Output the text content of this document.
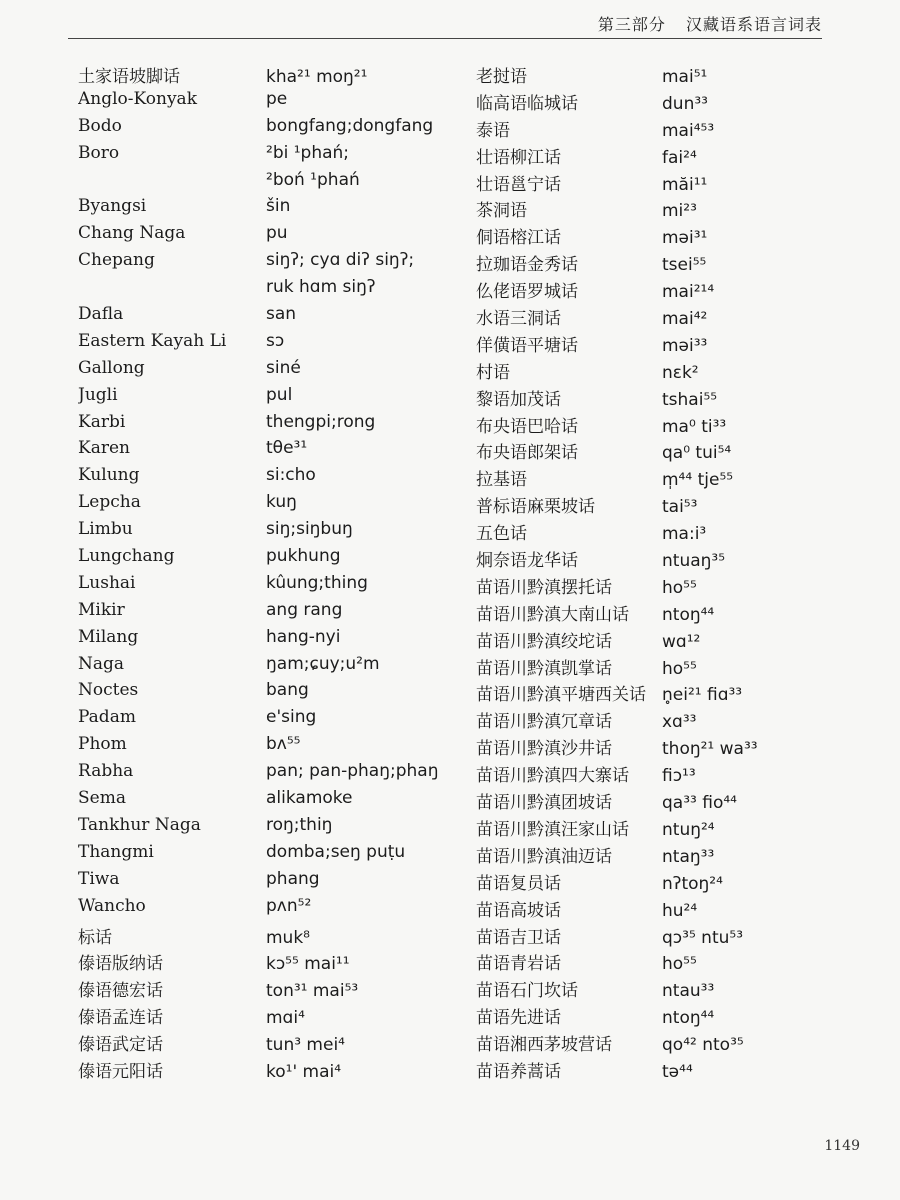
第三部分 汉藏语系语言词表
土家语坡脚话	kha²¹ moŋ²¹
Anglo-Konyak	pe
Bodo	bongfang;dongfang
Boro	²bi ¹phań;
²boń ¹phań
Byangsi	šin
Chang Naga	pu
Chepang	siŋʔ; cyɑ diʔ siŋʔ;
ruk hɑm siŋʔ
Dafla	san
Eastern Kayah Li	sɔ
Gallong	siné
Jugli	pul
Karbi	thengpi;rong
Karen	tθe³¹
Kulung	si:cho
Lepcha	kuŋ
Limbu	siŋ;siŋbuŋ
Lungchang	pukhung
Lushai	kûung;thing
Mikir	ang rang
Milang	hang-nyi
Naga	ŋam;ɕuy;u²m
Noctes	bang
Padam	e'sing
Phom	bʌ⁵⁵
Rabha	pan; pan-phaŋ;phaŋ
Sema	alikamoke
Tankhur Naga	roŋ;thiŋ
Thangmi	domba;seŋ puṭu
Tiwa	phang
Wancho	pʌn⁵²
标话	muk⁸
傣语版纳话	kɔ⁵⁵ mai¹¹
傣语德宏话	ton³¹ mai⁵³
傣语孟连话	mɑi⁴
傣语武定话	tun³ mei⁴
傣语元阳话	ko¹' mai⁴
老挝语	mai⁵¹
临高语临城话	dun³³
泰语	mai⁴⁵³
壮语柳江话	fai²⁴
壮语邕宁话	măi¹¹
茶洞语	mi²³
侗语榕江话	məi³¹
拉珈语金秀话	tsei⁵⁵
仫佬语罗城话	mai²¹⁴
水语三洞话	mai⁴²
佯僙语平塘话	məi³³
村语	nɛk²
黎语加茂话	tshai⁵⁵
布央语巴哈话	ma⁰ ti³³
布央语郎架话	qa⁰ tui⁵⁴
拉基语	m̩⁴⁴ tje⁵⁵
普标语麻栗坡话	tai⁵³
五色话	ma:i³
炯奈语龙华话	ntuaŋ³⁵
苗语川黔滇摆托话	ho⁵⁵
苗语川黔滇大南山话	ntoŋ⁴⁴
苗语川黔滇绞坨话	wɑ¹²
苗语川黔滇凯掌话	ho⁵⁵
苗语川黔滇平塘西关话 n̥ei²¹ fiɑ³³
苗语川黔滇冗章话	xɑ³³
苗语川黔滇沙井话	thoŋ²¹ wa³³
苗语川黔滇四大寨话	fiɔ¹³
苗语川黔滇团坡话	qa³³ fio⁴⁴
苗语川黔滇汪家山话	ntuŋ²⁴
苗语川黔滇油迈话	ntaŋ³³
苗语复员话	nʔtoŋ²⁴
苗语高坡话	hu²⁴
苗语吉卫话	qɔ³⁵ ntu⁵³
苗语青岩话	ho⁵⁵
苗语石门坎话	ntau³³
苗语先进话	ntoŋ⁴⁴
苗语湘西茅坡营话	qo⁴² nto³⁵
苗语养蒿话	tə⁴⁴
1149
